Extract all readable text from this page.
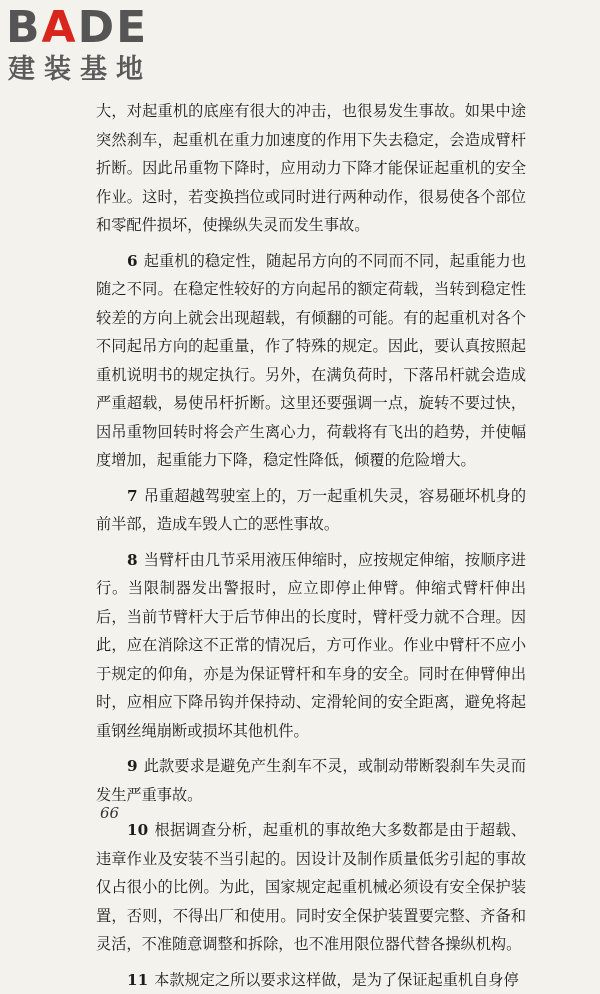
BADE
建装基地

大，对起重机的底座有很大的冲击，也很易发生事故。如果中途突然刹车，起重机在重力加速度的作用下失去稳定，会造成臂杆折断。因此吊重物下降时，应用动力下降才能保证起重机的安全作业。这时，若变换挡位或同时进行两种动作，很易使各个部位和零配件损坏，使操纵失灵而发生事故。

6 起重机的稳定性，随起吊方向的不同而不同，起重能力也随之不同。在稳定性较好的方向起吊的额定荷载，当转到稳定性较差的方向上就会出现超载，有倾翻的可能。有的起重机对各个不同起吊方向的起重量，作了特殊的规定。因此，要认真按照起重机说明书的规定执行。另外，在满负荷时，下落吊杆就会造成严重超载，易使吊杆折断。这里还要强调一点，旋转不要过快，因吊重物回转时将会产生离心力，荷载将有飞出的趋势，并使幅度增加，起重能力下降，稳定性降低，倾覆的危险增大。

7 吊重超越驾驶室上的，万一起重机失灵，容易砸坏机身的前半部，造成车毁人亡的恶性事故。

8 当臂杆由几节采用液压伸缩时，应按规定伸缩，按顺序进行。当限制器发出警报时，应立即停止伸臂。伸缩式臂杆伸出后，当前节臂杆大于后节伸出的长度时，臂杆受力就不合理。因此，应在消除这不正常的情况后，方可作业。作业中臂杆不应小于规定的仰角，亦是为保证臂杆和车身的安全。同时在伸臂伸出时，应相应下降吊钩并保持动、定滑轮间的安全距离，避免将起重钢丝绳崩断或损坏其他机件。

9 此款要求是避免产生刹车不灵，或制动带断裂刹车失灵而发生严重事故。

10 根据调查分析，起重机的事故绝大多数都是由于超载、违章作业及安装不当引起的。因设计及制作质量低劣引起的事故仅占很小的比例。为此，国家规定起重机械必须设有安全保护装置，否则，不得出厂和使用。同时安全保护装置要完整、齐备和灵活，不准随意调整和拆除，也不准用限位器代替各操纵机构。

11 本款规定之所以要求这样做，是为了保证起重机自身停

66
